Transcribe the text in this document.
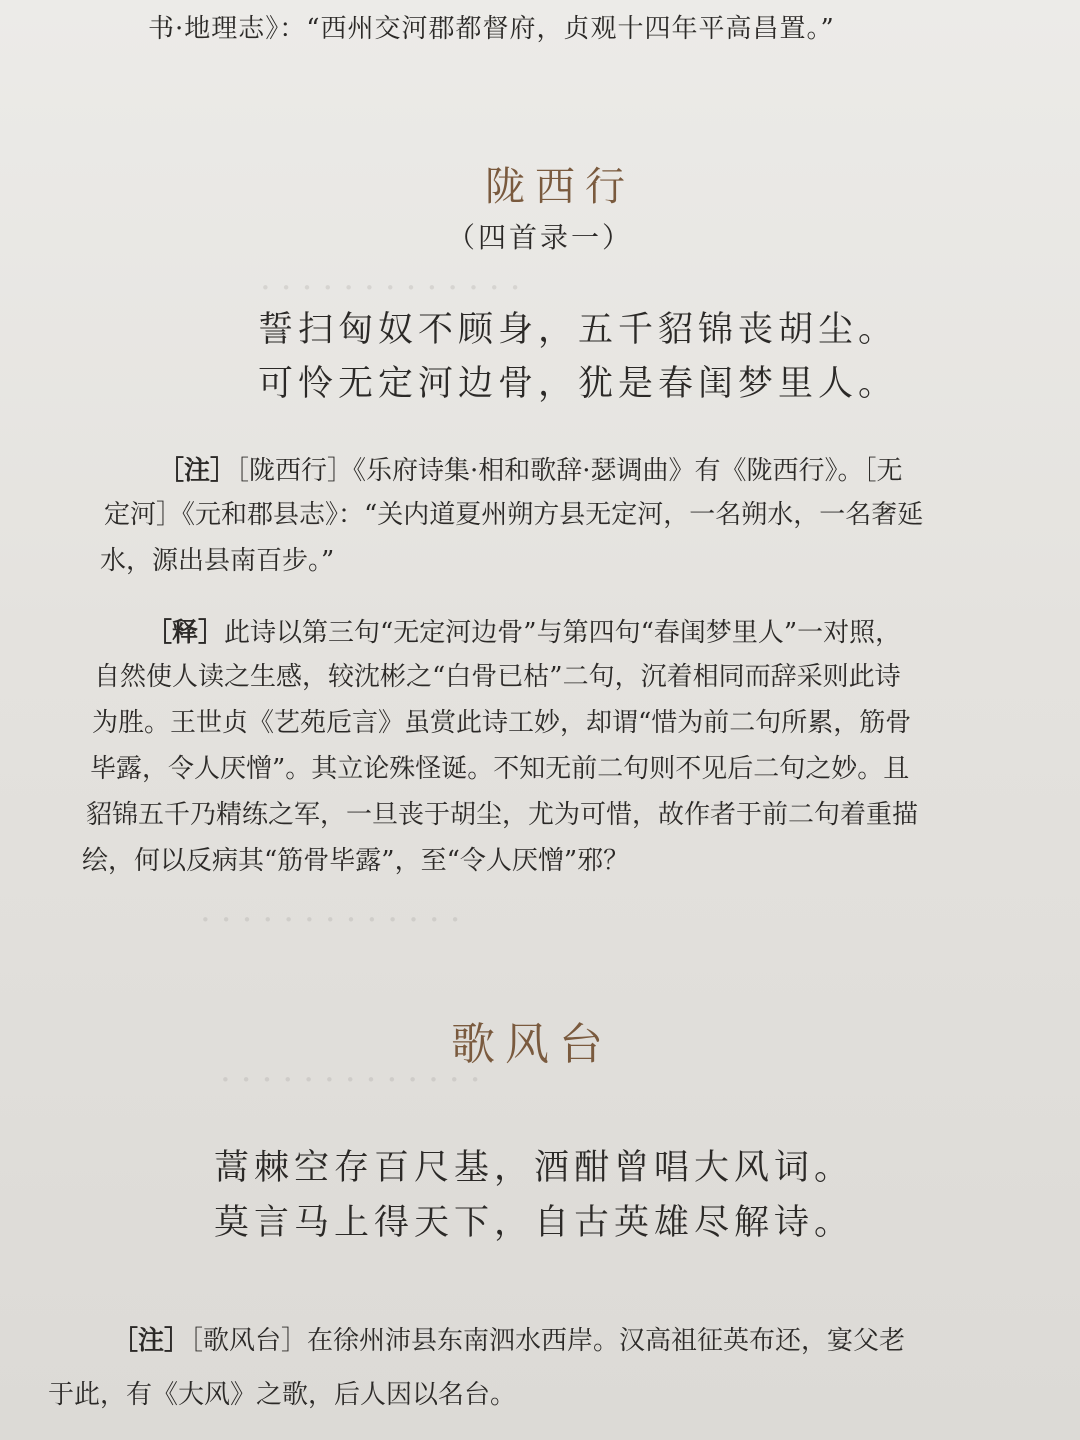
·············
·············
·············
书·地理志》：“西州交河郡都督府，贞观十四年平高昌置。”
陇西行
（四首录一）
誓扫匈奴不顾身，五千貂锦丧胡尘。
可怜无定河边骨，犹是春闺梦里人。
［注］［陇西行］《乐府诗集·相和歌辞·瑟调曲》有《陇西行》。［无
定河］《元和郡县志》：“关内道夏州朔方县无定河，一名朔水，一名奢延
水，源出县南百步。”
［释］此诗以第三句“无定河边骨”与第四句“春闺梦里人”一对照，
自然使人读之生感，较沈彬之“白骨已枯”二句，沉着相同而辞采则此诗
为胜。王世贞《艺苑卮言》虽赏此诗工妙，却谓“惜为前二句所累，筋骨
毕露，令人厌憎”。其立论殊怪诞。不知无前二句则不见后二句之妙。且
貂锦五千乃精练之军，一旦丧于胡尘，尤为可惜，故作者于前二句着重描
绘，何以反病其“筋骨毕露”，至“令人厌憎”邪？
歌风台
蒿棘空存百尺基，酒酣曾唱大风词。
莫言马上得天下，自古英雄尽解诗。
［注］［歌风台］在徐州沛县东南泗水西岸。汉高祖征英布还，宴父老
于此，有《大风》之歌，后人因以名台。
